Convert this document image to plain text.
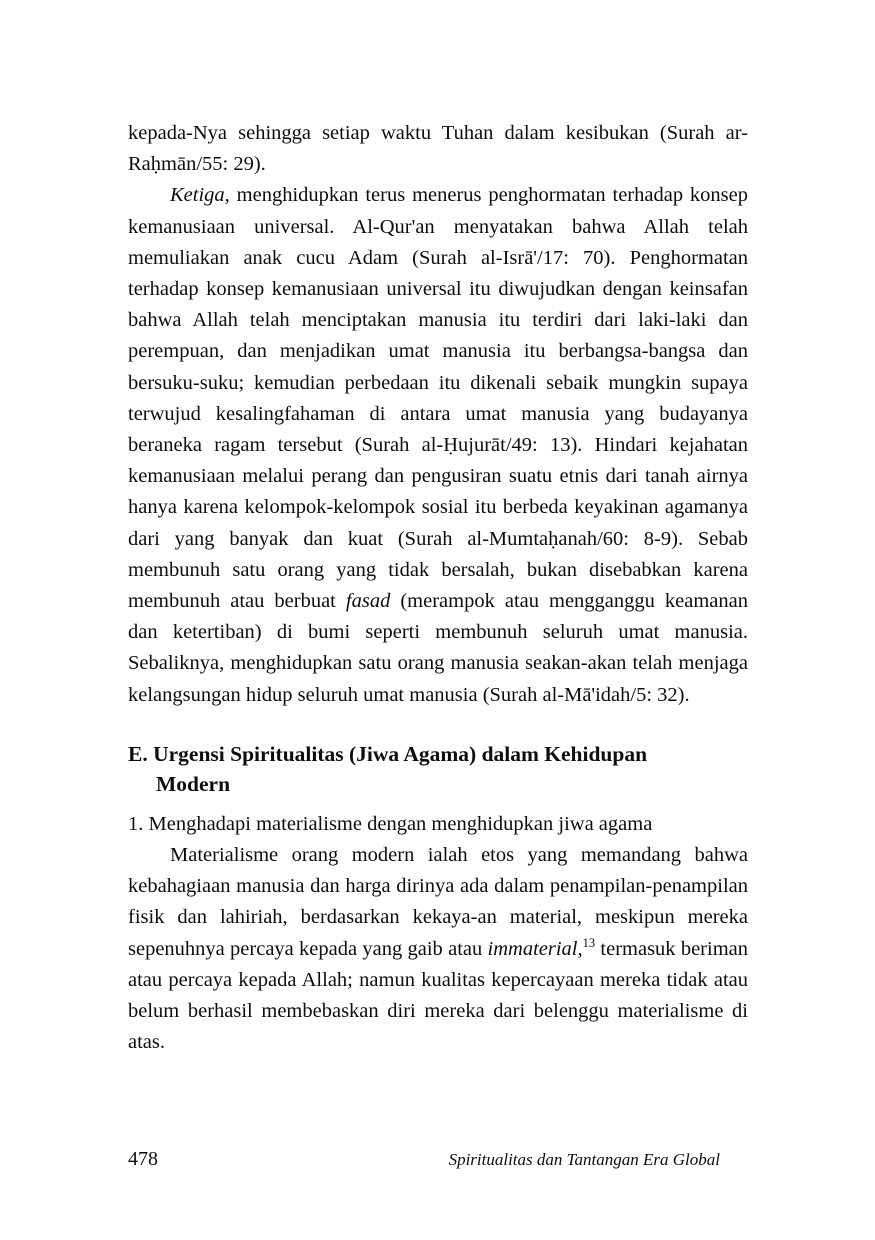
kepada-Nya sehingga setiap waktu Tuhan dalam kesibukan (Surah ar-Raḥmān/55: 29).

Ketiga, menghidupkan terus menerus penghormatan terhadap konsep kemanusiaan universal. Al-Qur'an menyatakan bahwa Allah telah memuliakan anak cucu Adam (Surah al-Isrā'/17: 70). Penghormatan terhadap konsep kemanusiaan universal itu diwujudkan dengan keinsafan bahwa Allah telah menciptakan manusia itu terdiri dari laki-laki dan perempuan, dan menjadikan umat manusia itu berbangsa-bangsa dan bersuku-suku; kemudian perbedaan itu dikenali sebaik mungkin supaya terwujud kesalingfahaman di antara umat manusia yang budayanya beraneka ragam tersebut (Surah al-Ḥujurāt/49: 13). Hindari kejahatan kemanusiaan melalui perang dan pengusiran suatu etnis dari tanah airnya hanya karena kelompok-kelompok sosial itu berbeda keyakinan agamanya dari yang banyak dan kuat (Surah al-Mumtaḥanah/60: 8-9). Sebab membunuh satu orang yang tidak bersalah, bukan disebabkan karena membunuh atau berbuat fasad (merampok atau mengganggu keamanan dan ketertiban) di bumi seperti membunuh seluruh umat manusia. Sebaliknya, menghidupkan satu orang manusia seakan-akan telah menjaga kelangsungan hidup seluruh umat manusia (Surah al-Mā'idah/5: 32).

E. Urgensi Spiritualitas (Jiwa Agama) dalam Kehidupan
Modern

1. Menghadapi materialisme dengan menghidupkan jiwa agama

Materialisme orang modern ialah etos yang memandang bahwa kebahagiaan manusia dan harga dirinya ada dalam penampilan-penampilan fisik dan lahiriah, berdasarkan kekaya-an material, meskipun mereka sepenuhnya percaya kepada yang gaib atau immaterial,$^{13}$ termasuk beriman atau percaya kepada Allah; namun kualitas kepercayaan mereka tidak atau belum berhasil membebaskan diri mereka dari belenggu materialisme di atas.

478	Spiritualitas dan Tantangan Era Global
